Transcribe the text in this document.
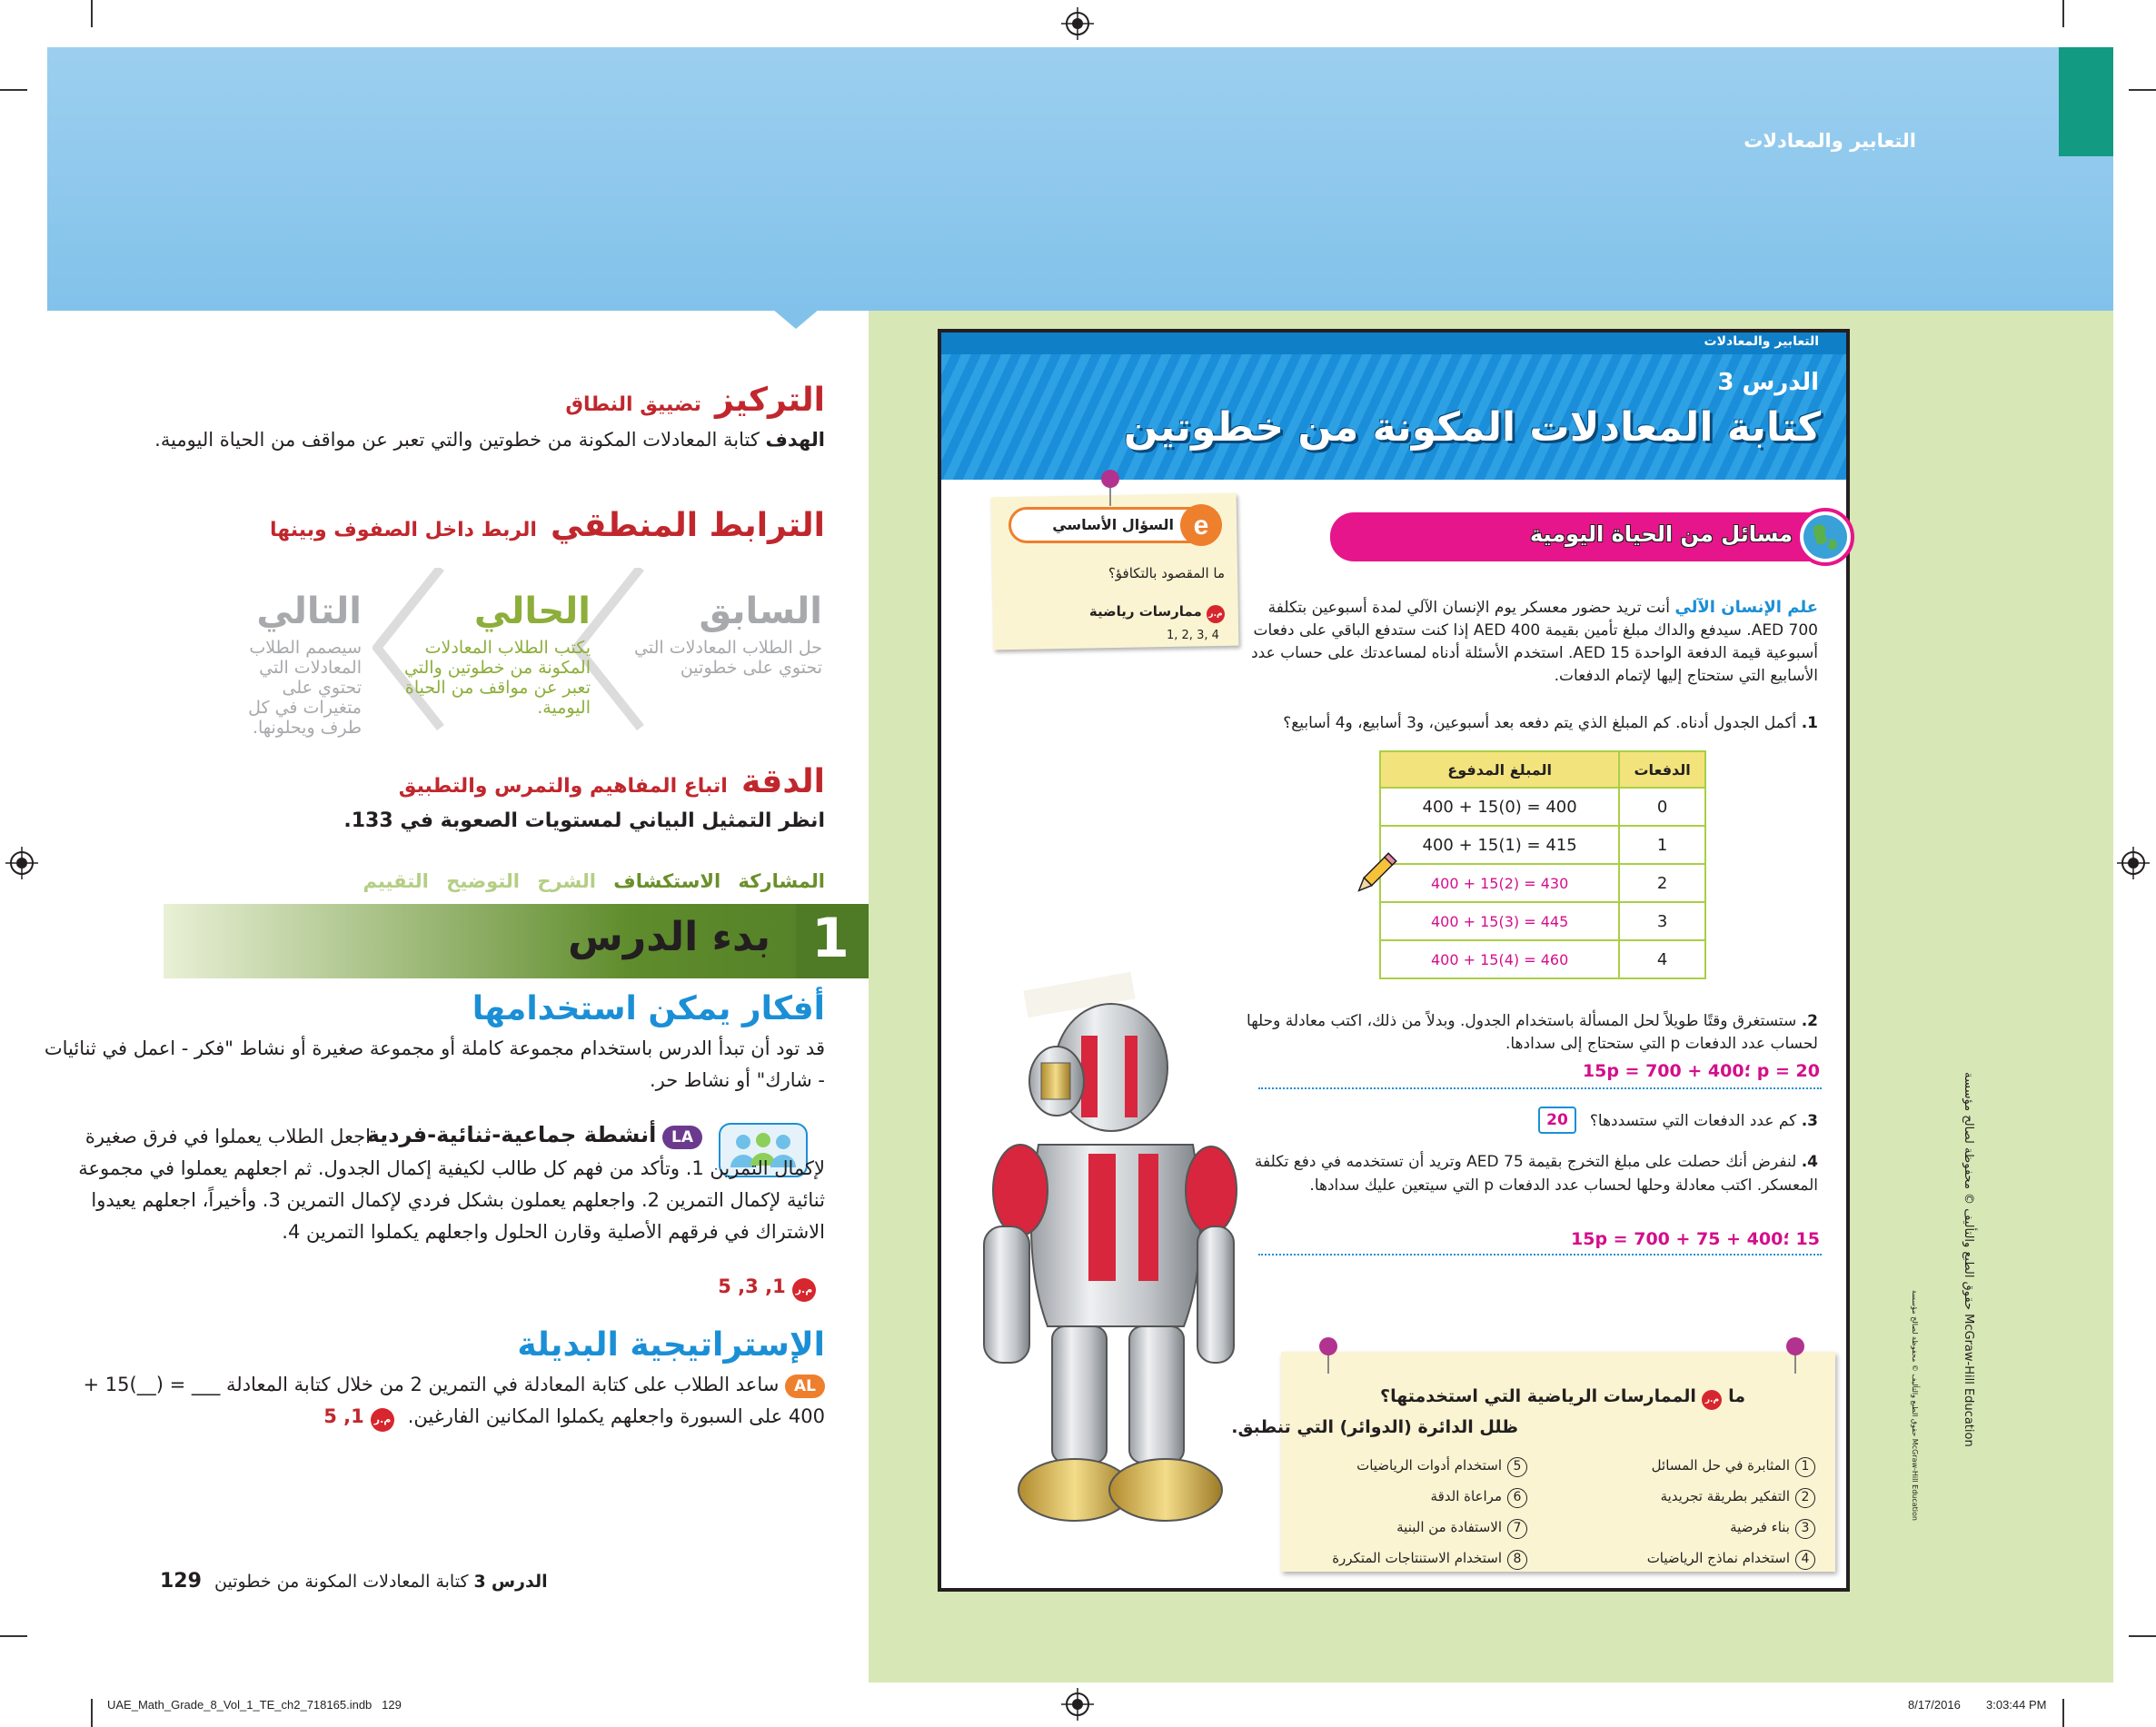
التعابير والمعادلات
التركيز تضييق النطاق
الهدف كتابة المعادلات المكونة من خطوتين والتي تعبر عن مواقف من الحياة اليومية.
الترابط المنطقي الربط داخل الصفوف وبينها
السابق
حل الطلاب المعادلات التي تحتوي على خطوتين
الحالي
يكتب الطلاب المعادلات المكونة من خطوتين والتي تعبر عن مواقف من الحياة اليومية.
التالي
سيصمم الطلاب المعادلات التي تحتوي على متغيرات في كل طرف ويحلونها.
الدقة اتباع المفاهيم والتمرس والتطبيق
انظر التمثيل البياني لمستويات الصعوبة في 133.
المشاركة الاستكشاف الشرح التوضيح التقييم
1
بدء الدرس
أفكار يمكن استخدامها
قد تود أن تبدأ الدرس باستخدام مجموعة كاملة أو مجموعة صغيرة أو نشاط "فكر - اعمل في ثنائيات - شارك" أو نشاط حر.
LA أنشطة جماعية-ثنائية-فردية
اجعل الطلاب يعملوا في فرق صغيرة لإكمال التمرين 1. وتأكد من فهم كل طالب لكيفية إكمال الجدول. ثم اجعلهم يعملوا في مجموعة ثنائية لإكمال التمرين 2. واجعلهم يعملون بشكل فردي لإكمال التمرين 3. وأخيراً، اجعلهم يعيدوا الاشتراك في فرقهم الأصلية وقارن الحلول واجعلهم يكملوا التمرين 4.
م.ر 1, 3, 5
الإستراتيجية البديلة
AL ساعد الطلاب على كتابة المعادلة في التمرين 2 من خلال كتابة المعادلة ___ = (__)15 + 400 على السبورة واجعلهم يكملوا المكانين الفارغين. م.ر 1, 5
129	الدرس 3 كتابة المعادلات المكونة من خطوتين
UAE_Math_Grade_8_Vol_1_TE_ch2_718165.indb   129	8/17/2016 3:03:44 PM
التعابير والمعادلات
الدرس 3
كتابة المعادلات المكونة من خطوتين
e
السؤال الأساسي
ما المقصود بالتكافؤ؟
م.ر ممارسات رياضية
1, 2, 3, 4
مسائل من الحياة اليومية
علم الإنسان الآلي أنت تريد حضور معسكر يوم الإنسان الآلي لمدة أسبوعين بتكلفة AED 700. سيدفع والداك مبلغ تأمين بقيمة AED 400 إذا كنت ستدفع الباقي على دفعات أسبوعية قيمة الدفعة الواحدة AED 15. استخدم الأسئلة أدناه لمساعدتك على حساب عدد الأسابيع التي ستحتاج إليها لإتمام الدفعات.
1. أكمل الجدول أدناه. كم المبلغ الذي يتم دفعه بعد أسبوعين، و3 أسابيع، و4 أسابيع؟
المبلغ المدفوع	الدفعات
400 + 15(0) = 400	0
400 + 15(1) = 415	1
400 + 15(2) = 430	2
400 + 15(3) = 445	3
400 + 15(4) = 460	4
2. ستستغرق وقتًا طويلاً لحل المسألة باستخدام الجدول. وبدلاً من ذلك، اكتب معادلة وحلها لحساب عدد الدفعات p التي ستحتاج إلى سدادها.
p = 20 ؛400 + 15p = 700
3. كم عدد الدفعات التي ستسددها؟
20
4. لنفرض أنك حصلت على مبلغ التخرج بقيمة AED 75 وتريد أن تستخدمه في دفع تكلفة المعسكر. اكتب معادلة وحلها لحساب عدد الدفعات p التي سيتعين عليك سدادها.
15 ؛400 + 75 + 15p = 700
ما م.ر الممارسات الرياضية التي استخدمتها؟
ظلل الدائرة (الدوائر) التي تنطبق.
1المثابرة في حل المسائل
2التفكير بطريقة تجريدية
3بناء فرضية
4استخدام نماذج الرياضيات
5استخدام أدوات الرياضيات
6مراعاة الدقة
7الاستفادة من البنية
8استخدام الاستنتاجات المتكررة
حقوق الطبع والتأليف © محفوظة لصالح مؤسسة McGraw-Hill Education
حقوق الطبع والتأليف © محفوظة لصالح مؤسسة McGraw-Hill Education
